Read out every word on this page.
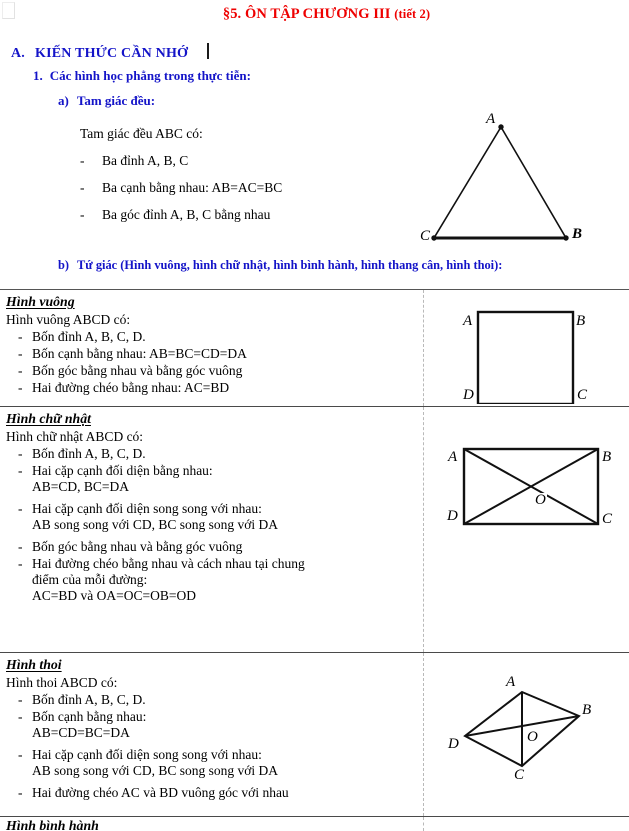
§5. ÔN TẬP CHƯƠNG III (tiết 2)
A. KIẾN THỨC CẦN NHỚ
1. Các hình học phẳng trong thực tiễn:
a) Tam giác đều:
b) Tứ giác (Hình vuông, hình chữ nhật, hình bình hành, hình thang cân, hình thoi):
Tam giác đều ABC có:
-	Ba đỉnh A, B, C
-	Ba cạnh bằng nhau: AB=AC=BC
-	Ba góc đỉnh A, B, C bằng nhau
A
C	B
Hình vuông
Hình vuông ABCD có:
- Bốn đỉnh A, B, C, D.
- Bốn cạnh bằng nhau: AB=BC=CD=DA
- Bốn góc bằng nhau và bằng góc vuông
- Hai đường chéo bằng nhau: AC=BD
A	B
D	C
Hình chữ nhật
Hình chữ nhật ABCD có:
- Bốn đỉnh A, B, C, D.
- Hai cặp cạnh đối diện bằng nhau:
AB=CD, BC=DA
- Hai cặp cạnh đối diện song song với nhau:
AB song song với CD, BC song song với DA
- Bốn góc bằng nhau và bằng góc vuông
- Hai đường chéo bằng nhau và cách nhau tại chung
điểm của mỗi đường:
AC=BD và OA=OC=OB=OD
A	B
D	C
O
Hình thoi
Hình thoi ABCD có:
- Bốn đỉnh A, B, C, D.
- Bốn cạnh bằng nhau:
AB=CD=BC=DA
- Hai cặp cạnh đối diện song song với nhau:
AB song song với CD, BC song song với DA
- Hai đường chéo AC và BD vuông góc với nhau
A
B
C
D	O
Hình bình hành
